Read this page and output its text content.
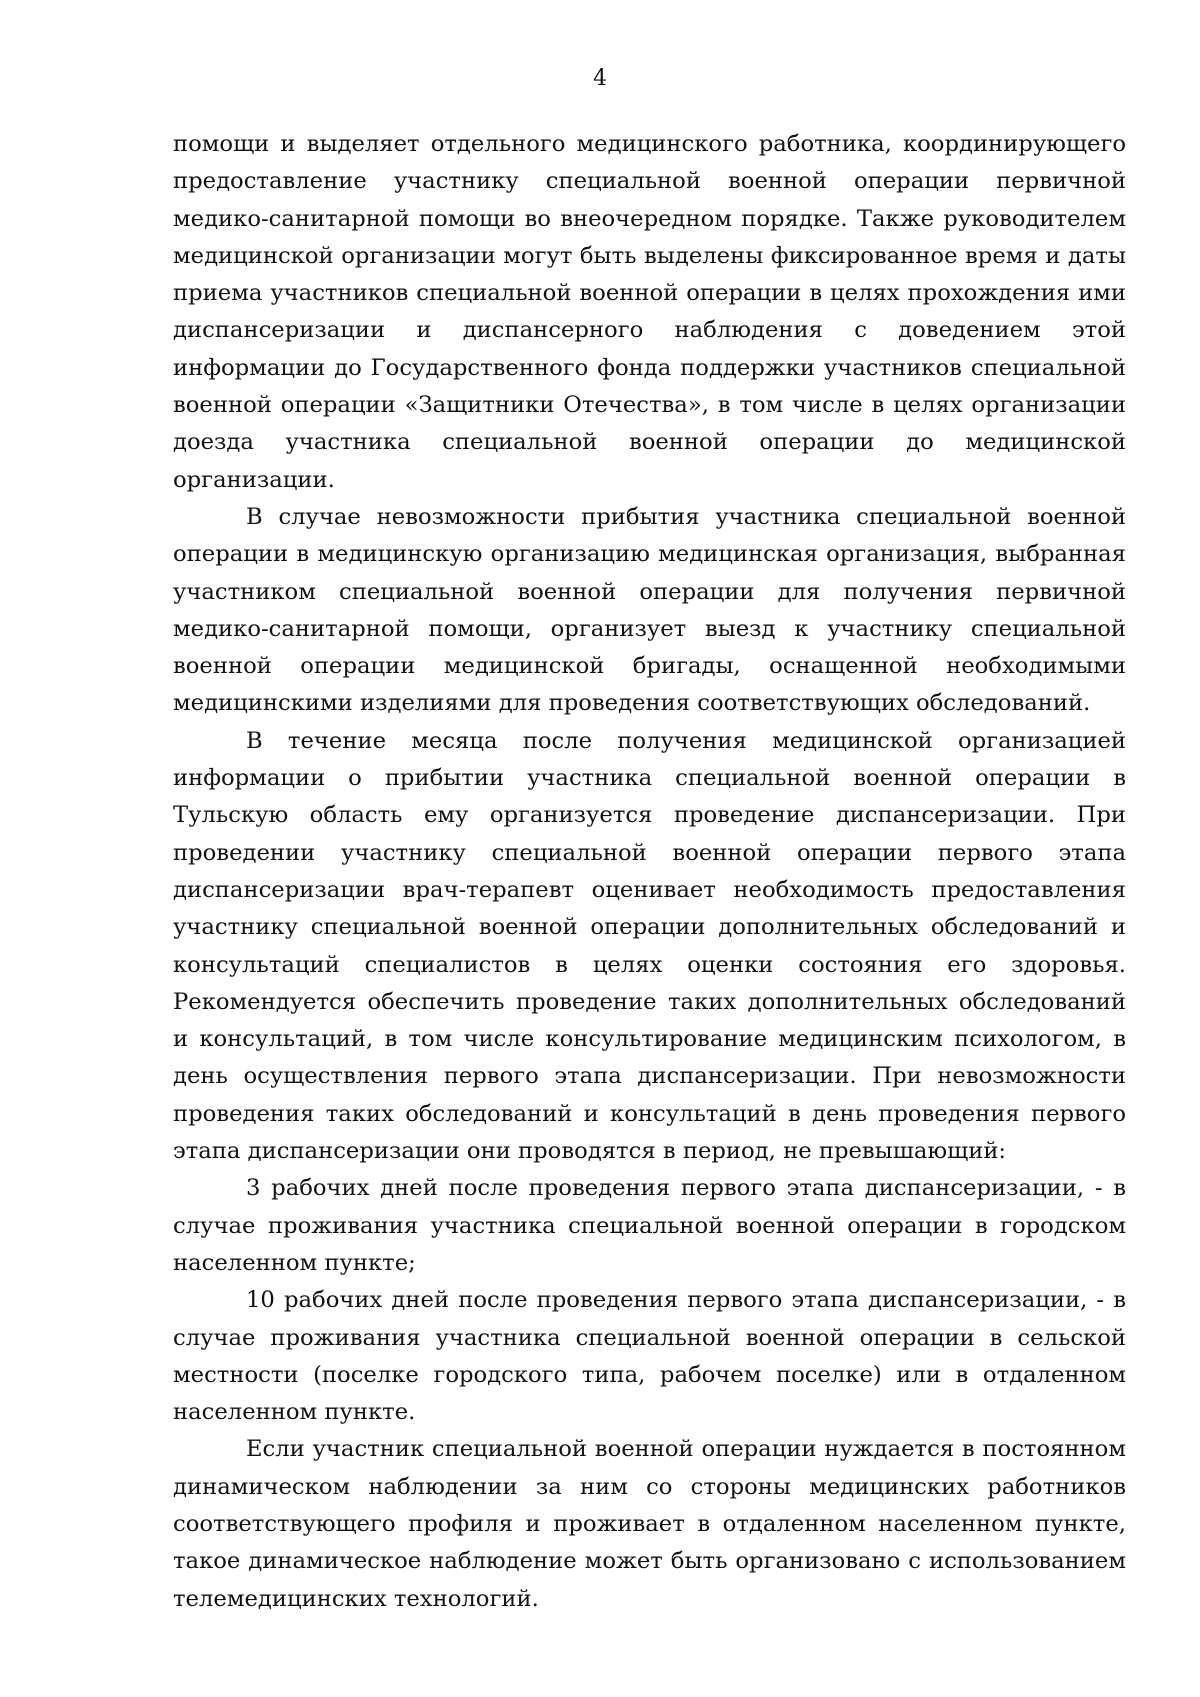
4

помощи и выделяет отдельного медицинского работника, координирующего предоставление участнику специальной военной операции первичной медико-санитарной помощи во внеочередном порядке. Также руководителем медицинской организации могут быть выделены фиксированное время и даты приема участников специальной военной операции в целях прохождения ими диспансеризации и диспансерного наблюдения с доведением этой информации до Государственного фонда поддержки участников специальной военной операции «Защитники Отечества», в том числе в целях организации доезда участника специальной военной операции до медицинской организации.

В случае невозможности прибытия участника специальной военной операции в медицинскую организацию медицинская организация, выбранная участником специальной военной операции для получения первичной медико-санитарной помощи, организует выезд к участнику специальной военной операции медицинской бригады, оснащенной необходимыми медицинскими изделиями для проведения соответствующих обследований.

В течение месяца после получения медицинской организацией информации о прибытии участника специальной военной операции в Тульскую область ему организуется проведение диспансеризации. При проведении участнику специальной военной операции первого этапа диспансеризации врач-терапевт оценивает необходимость предоставления участнику специальной военной операции дополнительных обследований и консультаций специалистов в целях оценки состояния его здоровья. Рекомендуется обеспечить проведение таких дополнительных обследований и консультаций, в том числе консультирование медицинским психологом, в день осуществления первого этапа диспансеризации. При невозможности проведения таких обследований и консультаций в день проведения первого этапа диспансеризации они проводятся в период, не превышающий:

3 рабочих дней после проведения первого этапа диспансеризации, - в случае проживания участника специальной военной операции в городском населенном пункте;

10 рабочих дней после проведения первого этапа диспансеризации, - в случае проживания участника специальной военной операции в сельской местности (поселке городского типа, рабочем поселке) или в отдаленном населенном пункте.

Если участник специальной военной операции нуждается в постоянном динамическом наблюдении за ним со стороны медицинских работников соответствующего профиля и проживает в отдаленном населенном пункте, такое динамическое наблюдение может быть организовано с использованием телемедицинских технологий.
